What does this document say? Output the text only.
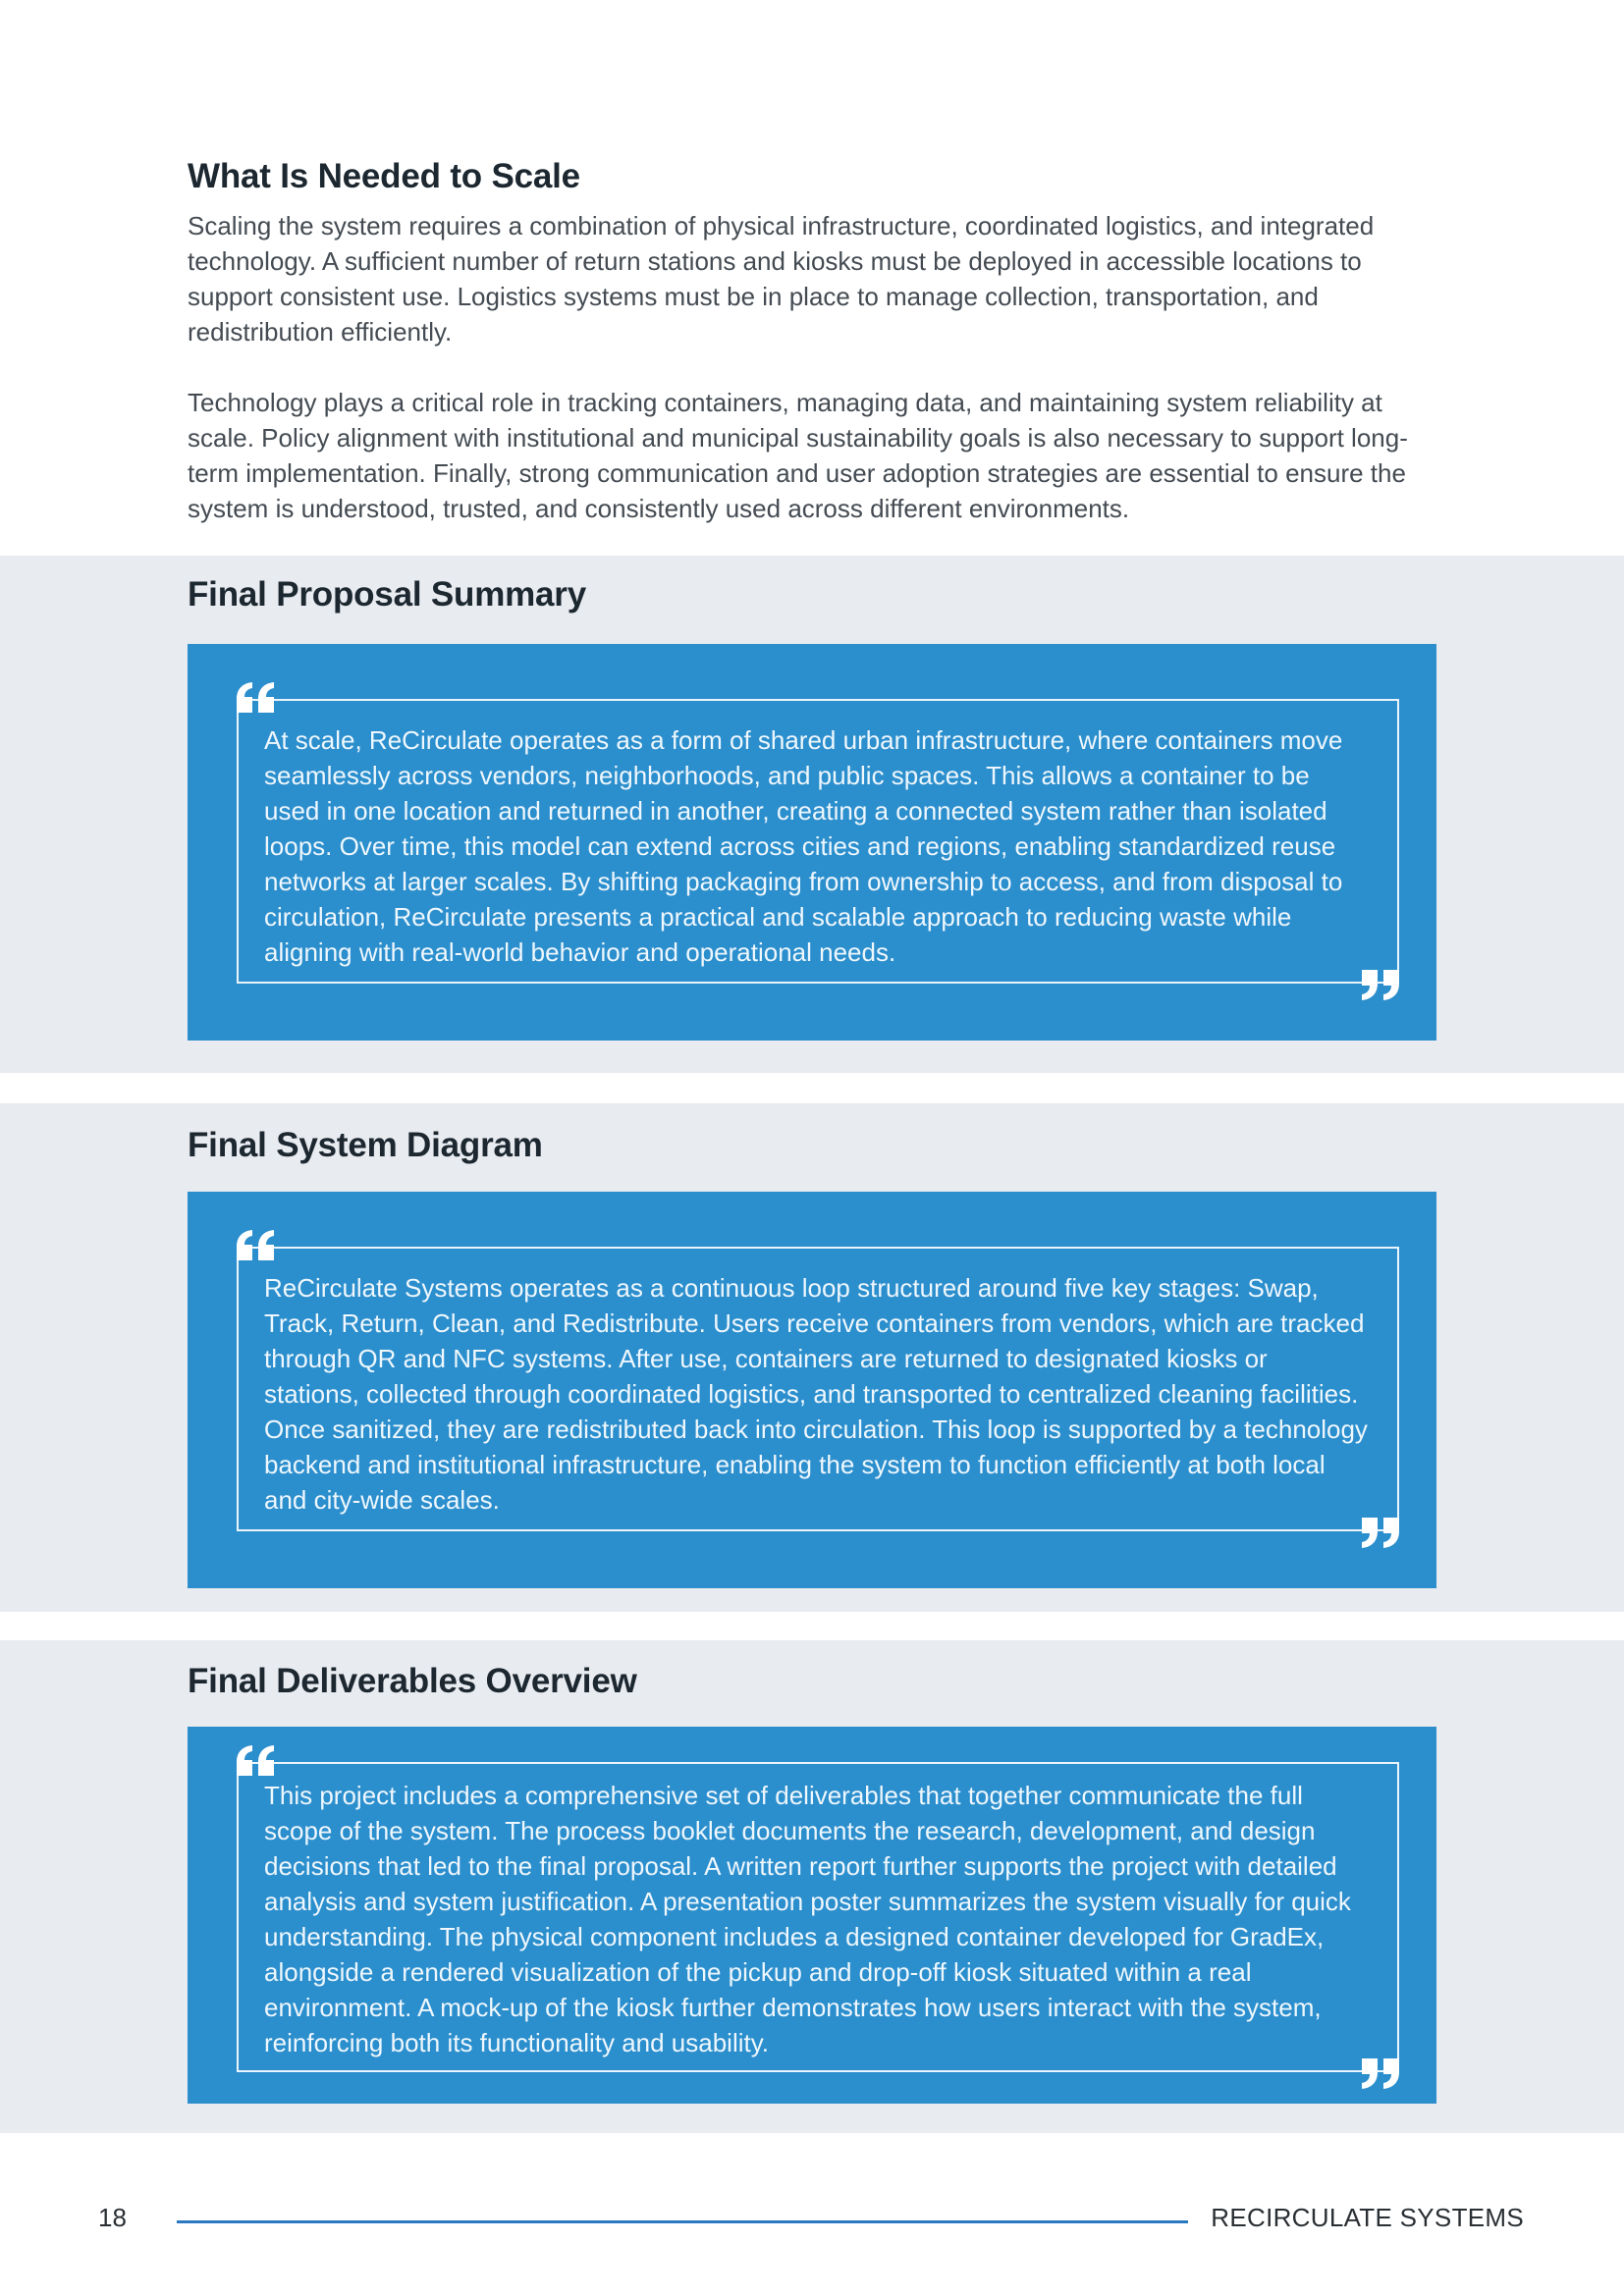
What Is Needed to Scale

Scaling the system requires a combination of physical infrastructure, coordinated logistics, and integrated technology. A sufficient number of return stations and kiosks must be deployed in accessible locations to support consistent use. Logistics systems must be in place to manage collection, transportation, and redistribution efficiently.

Technology plays a critical role in tracking containers, managing data, and maintaining system reliability at scale. Policy alignment with institutional and municipal sustainability goals is also necessary to support long-term implementation. Finally, strong communication and user adoption strategies are essential to ensure the system is understood, trusted, and consistently used across different environments.

Final Proposal Summary
At scale, ReCirculate operates as a form of shared urban infrastructure, where containers move seamlessly across vendors, neighborhoods, and public spaces. This allows a container to be used in one location and returned in another, creating a connected system rather than isolated loops. Over time, this model can extend across cities and regions, enabling standardized reuse networks at larger scales. By shifting packaging from ownership to access, and from disposal to circulation, ReCirculate presents a practical and scalable approach to reducing waste while aligning with real-world behavior and operational needs.
Final System Diagram
ReCirculate Systems operates as a continuous loop structured around five key stages: Swap, Track, Return, Clean, and Redistribute. Users receive containers from vendors, which are tracked through QR and NFC systems. After use, containers are returned to designated kiosks or stations, collected through coordinated logistics, and transported to centralized cleaning facilities. Once sanitized, they are redistributed back into circulation. This loop is supported by a technology backend and institutional infrastructure, enabling the system to function efficiently at both local and city-wide scales.
Final Deliverables Overview
This project includes a comprehensive set of deliverables that together communicate the full scope of the system. The process booklet documents the research, development, and design decisions that led to the final proposal. A written report further supports the project with detailed analysis and system justification. A presentation poster summarizes the system visually for quick understanding. The physical component includes a designed container developed for GradEx, alongside a rendered visualization of the pickup and drop-off kiosk situated within a real environment. A mock-up of the kiosk further demonstrates how users interact with the system, reinforcing both its functionality and usability.
18	RECIRCULATE SYSTEMS
